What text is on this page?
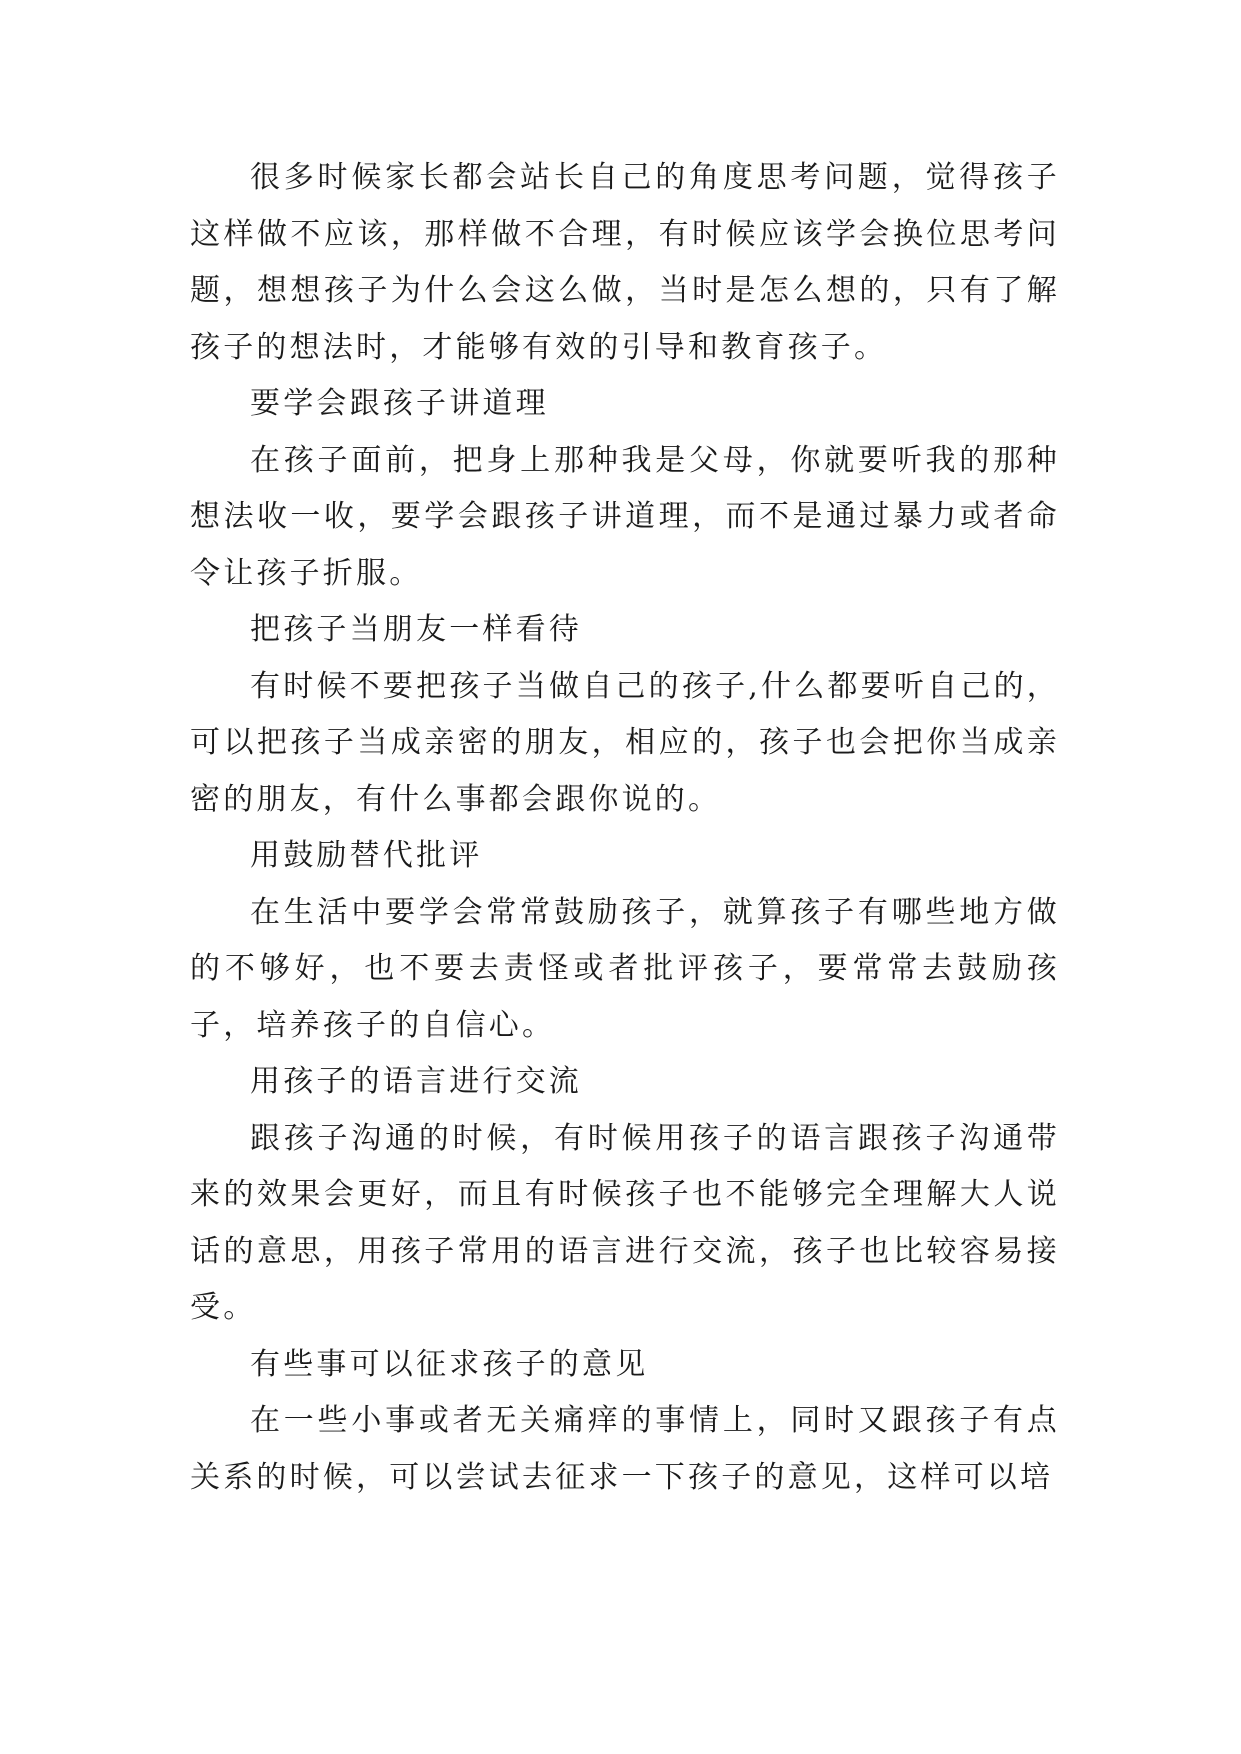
很多时候家长都会站长自己的角度思考问题，觉得孩子这样做不应该，那样做不合理，有时候应该学会换位思考问题，想想孩子为什么会这么做，当时是怎么想的，只有了解孩子的想法时，才能够有效的引导和教育孩子。

要学会跟孩子讲道理

在孩子面前，把身上那种我是父母，你就要听我的那种想法收一收，要学会跟孩子讲道理，而不是通过暴力或者命令让孩子折服。

把孩子当朋友一样看待

有时候不要把孩子当做自己的孩子,什么都要听自己的，可以把孩子当成亲密的朋友，相应的，孩子也会把你当成亲密的朋友，有什么事都会跟你说的。

用鼓励替代批评

在生活中要学会常常鼓励孩子，就算孩子有哪些地方做的不够好，也不要去责怪或者批评孩子，要常常去鼓励孩子，培养孩子的自信心。

用孩子的语言进行交流

跟孩子沟通的时候，有时候用孩子的语言跟孩子沟通带来的效果会更好，而且有时候孩子也不能够完全理解大人说话的意思，用孩子常用的语言进行交流，孩子也比较容易接受。

有些事可以征求孩子的意见

在一些小事或者无关痛痒的事情上，同时又跟孩子有点关系的时候，可以尝试去征求一下孩子的意见，这样可以培
